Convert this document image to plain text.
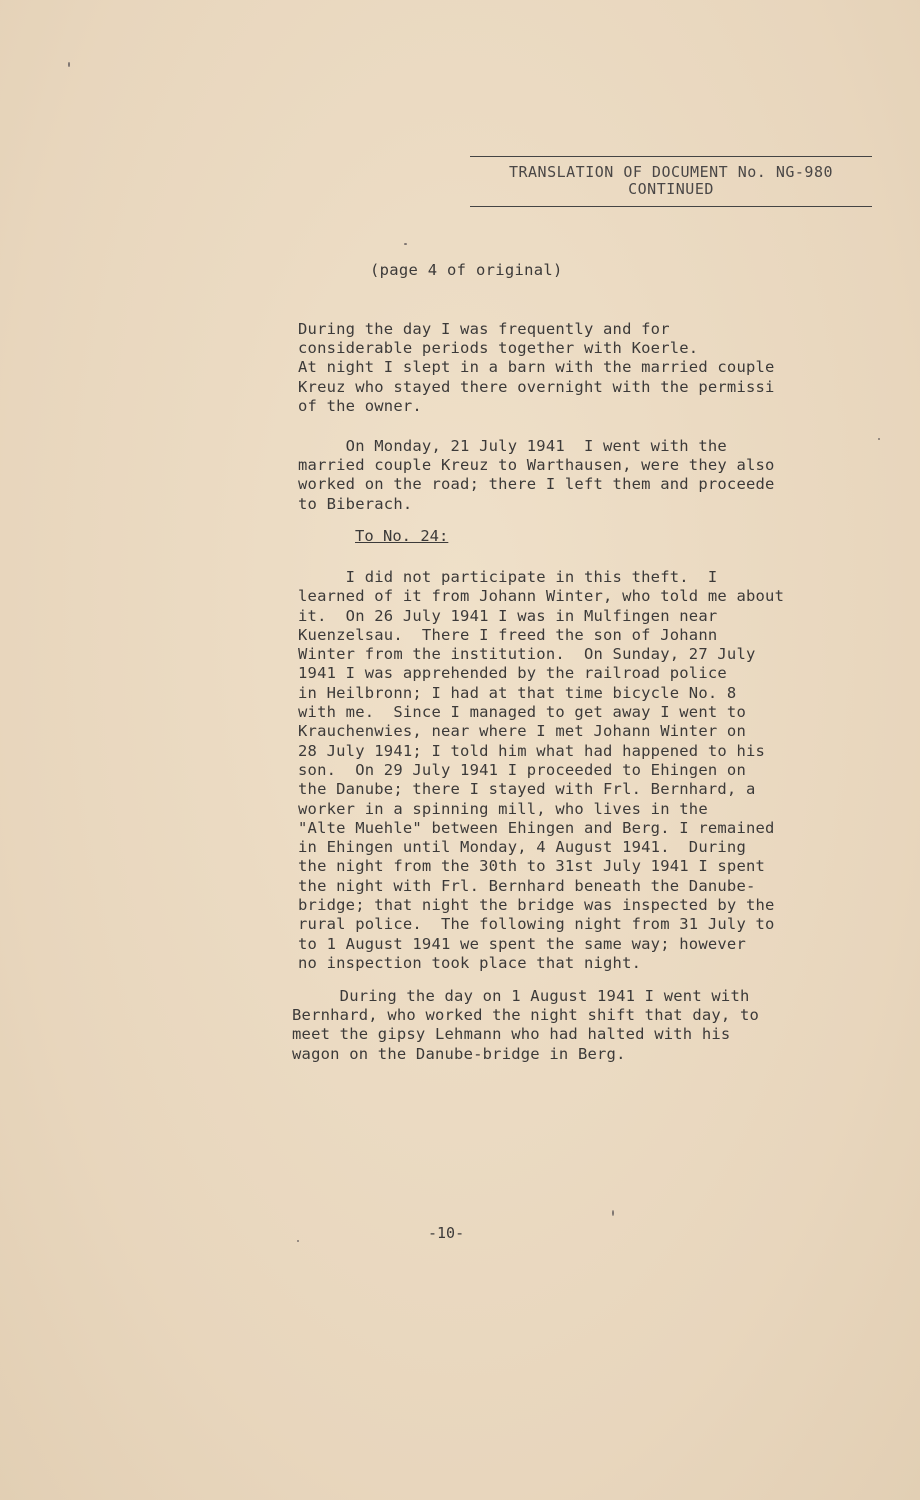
TRANSLATION OF DOCUMENT No. NG-980
CONTINUED
(page 4 of original)
During the day I was frequently and for
considerable periods together with Koerle.
At night I slept in a barn with the married couple
Kreuz who stayed there overnight with the permissi
of the owner.
On Monday, 21 July 1941  I went with the
married couple Kreuz to Warthausen, were they also
worked on the road; there I left them and proceede
to Biberach.
To No. 24:
I did not participate in this theft.  I
learned of it from Johann Winter, who told me about
it.  On 26 July 1941 I was in Mulfingen near
Kuenzelsau.  There I freed the son of Johann
Winter from the institution.  On Sunday, 27 July
1941 I was apprehended by the railroad police
in Heilbronn; I had at that time bicycle No. 8
with me.  Since I managed to get away I went to
Krauchenwies, near where I met Johann Winter on
28 July 1941; I told him what had happened to his
son.  On 29 July 1941 I proceeded to Ehingen on
the Danube; there I stayed with Frl. Bernhard, a
worker in a spinning mill, who lives in the
"Alte Muehle" between Ehingen and Berg. I remained
in Ehingen until Monday, 4 August 1941.  During
the night from the 30th to 31st July 1941 I spent
the night with Frl. Bernhard beneath the Danube-
bridge; that night the bridge was inspected by the
rural police.  The following night from 31 July to
to 1 August 1941 we spent the same way; however
no inspection took place that night.
During the day on 1 August 1941 I went with
Bernhard, who worked the night shift that day, to
meet the gipsy Lehmann who had halted with his
wagon on the Danube-bridge in Berg.
-10-
